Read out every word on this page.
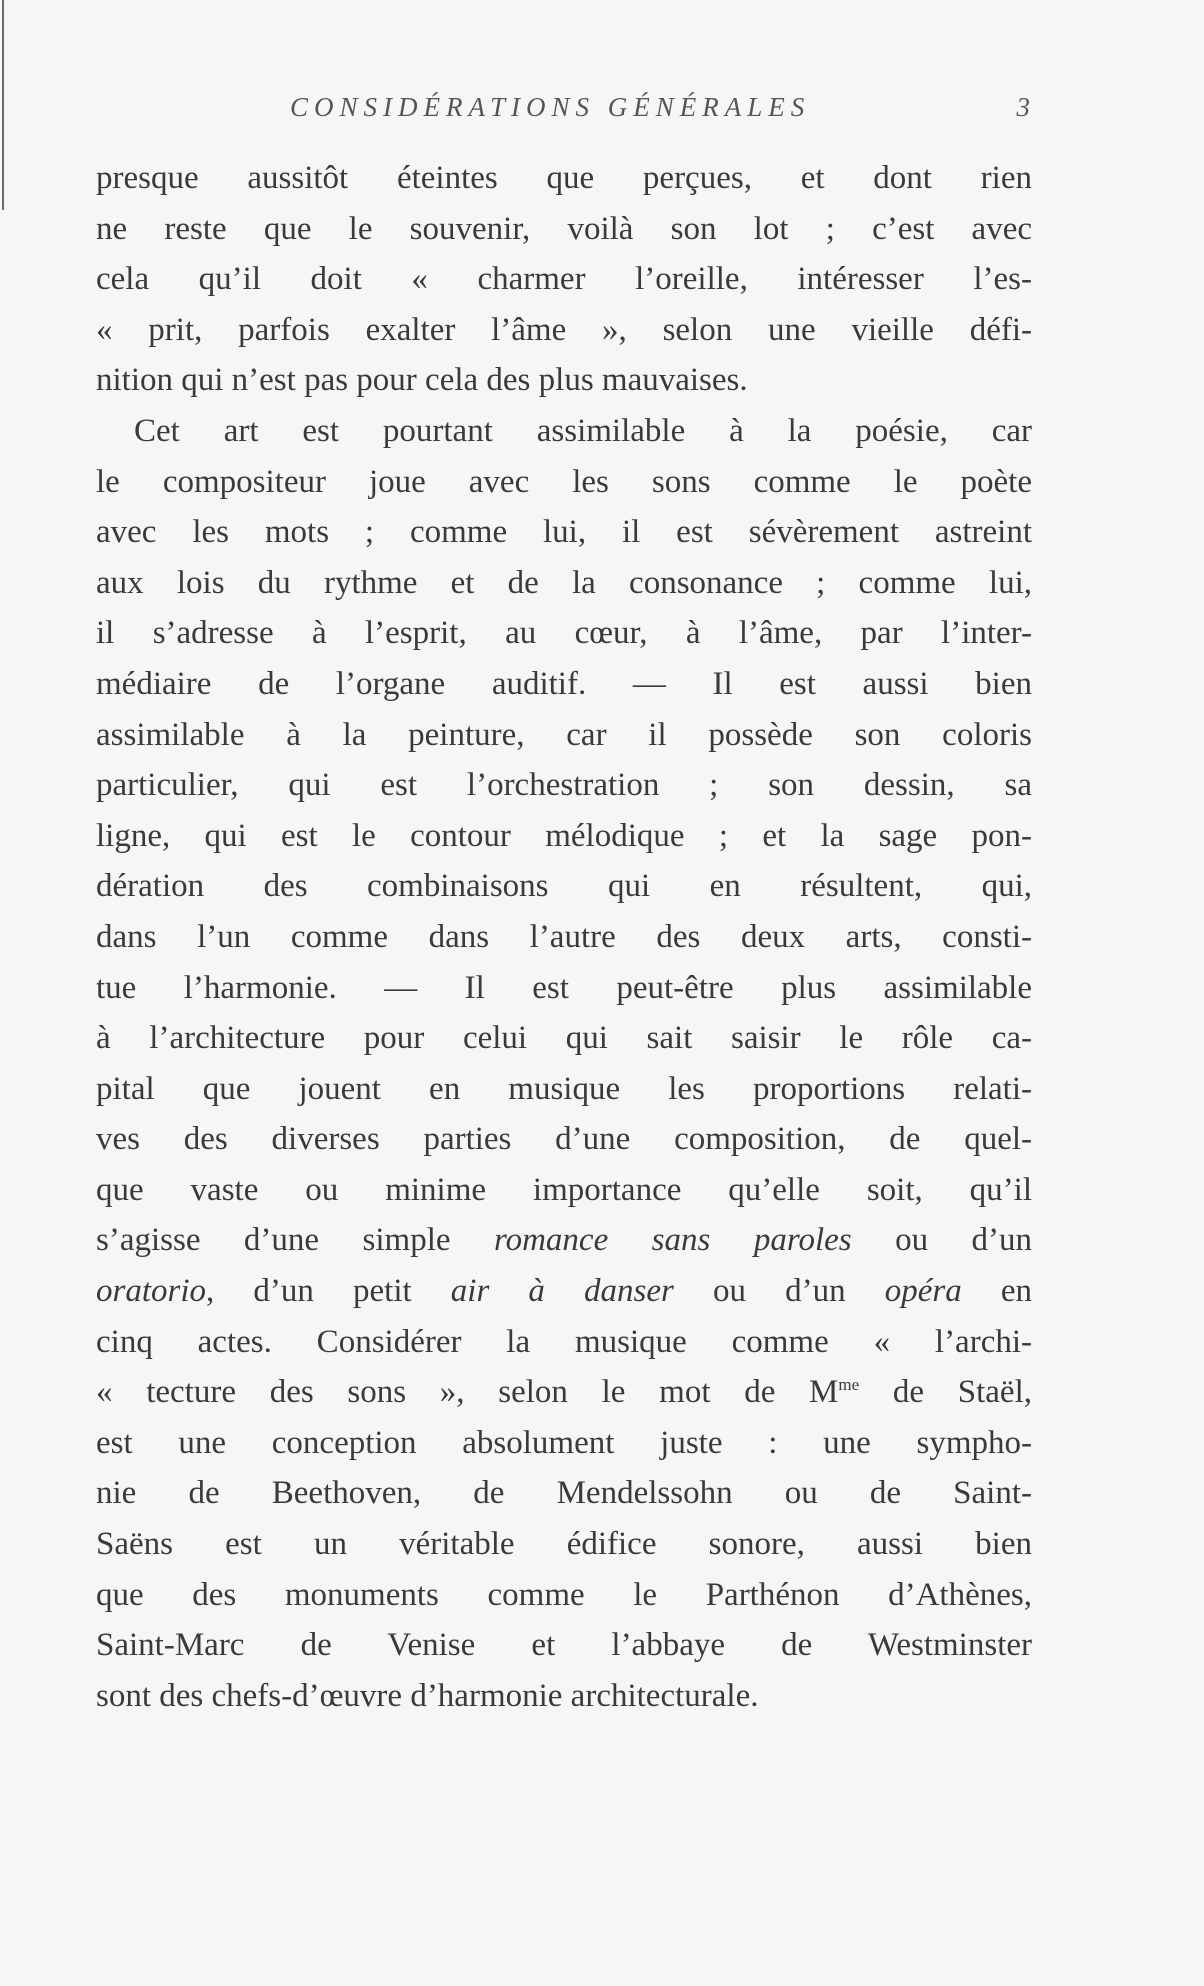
CONSIDÉRATIONS GÉNÉRALES	3
presque aussitôt éteintes que perçues, et dont rien
ne reste que le souvenir, voilà son lot ; c’est avec
cela qu’il doit « charmer l’oreille, intéresser l’es-
« prit, parfois exalter l’âme », selon une vieille défi-
nition qui n’est pas pour cela des plus mauvaises.
Cet art est pourtant assimilable à la poésie, car
le compositeur joue avec les sons comme le poète
avec les mots ; comme lui, il est sévèrement astreint
aux lois du rythme et de la consonance ; comme lui,
il s’adresse à l’esprit, au cœur, à l’âme, par l’inter-
médiaire de l’organe auditif. — Il est aussi bien
assimilable à la peinture, car il possède son coloris
particulier, qui est l’orchestration ; son dessin, sa
ligne, qui est le contour mélodique ; et la sage pon-
dération des combinaisons qui en résultent, qui,
dans l’un comme dans l’autre des deux arts, consti-
tue l’harmonie. — Il est peut-être plus assimilable
à l’architecture pour celui qui sait saisir le rôle ca-
pital que jouent en musique les proportions relati-
ves des diverses parties d’une composition, de quel-
que vaste ou minime importance qu’elle soit, qu’il
s’agisse d’une simple romance sans paroles ou d’un
oratorio, d’un petit air à danser ou d’un opéra en
cinq actes. Considérer la musique comme « l’archi-
« tecture des sons », selon le mot de $M^{me}$ de Staël,
est une conception absolument juste : une sympho-
nie de Beethoven, de Mendelssohn ou de Saint-
Saëns est un véritable édifice sonore, aussi bien
que des monuments comme le Parthénon d’Athènes,
Saint-Marc de Venise et l’abbaye de Westminster
sont des chefs-d’œuvre d’harmonie architecturale.
